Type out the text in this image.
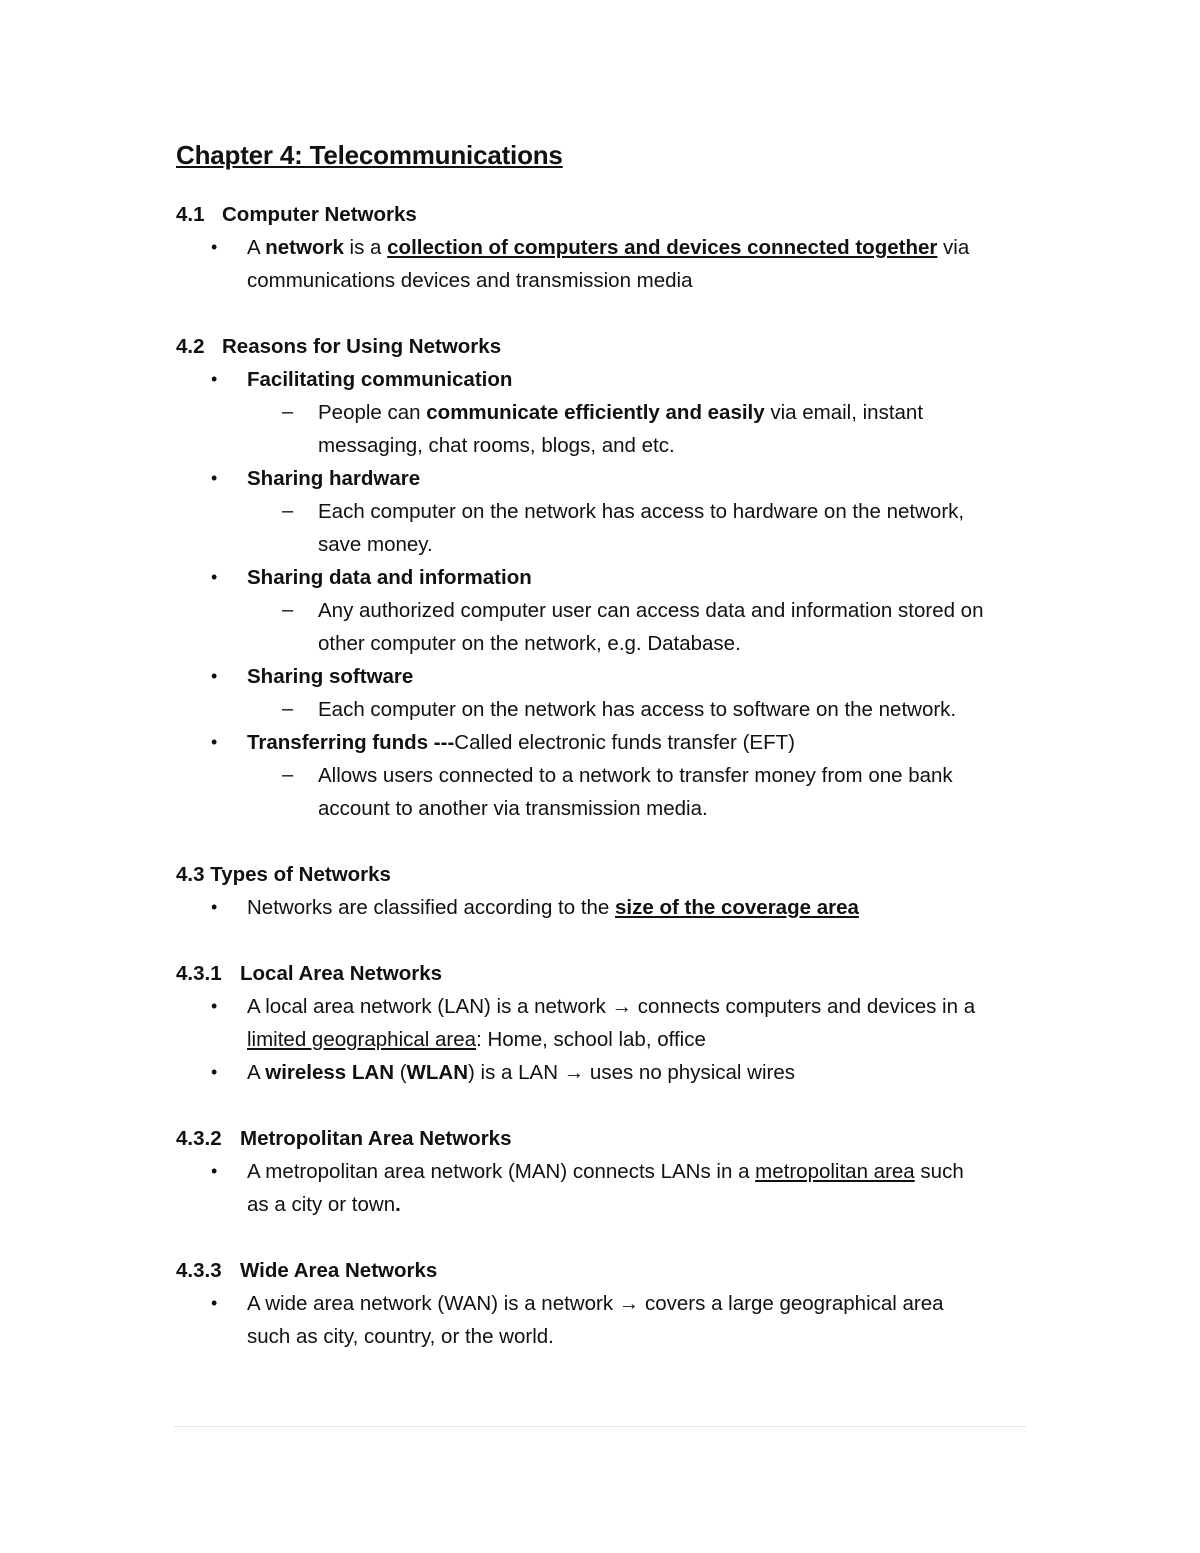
Chapter 4: Telecommunications
4.1 Computer Networks
• A network is a collection of computers and devices connected together via
communications devices and transmission media
4.2 Reasons for Using Networks
• Facilitating communication
– People can communicate efficiently and easily via email, instant
messaging, chat rooms, blogs, and etc.
• Sharing hardware
– Each computer on the network has access to hardware on the network,
save money.
• Sharing data and information
– Any authorized computer user can access data and information stored on
other computer on the network, e.g. Database.
• Sharing software
– Each computer on the network has access to software on the network.
• Transferring funds ---Called electronic funds transfer (EFT)
– Allows users connected to a network to transfer money from one bank
account to another via transmission media.
4.3 Types of Networks
• Networks are classified according to the size of the coverage area
4.3.1 Local Area Networks
• A local area network (LAN) is a network → connects computers and devices in a
limited geographical area: Home, school lab, office
• A wireless LAN (WLAN) is a LAN → uses no physical wires
4.3.2 Metropolitan Area Networks
• A metropolitan area network (MAN) connects LANs in a metropolitan area such
as a city or town.
4.3.3 Wide Area Networks
• A wide area network (WAN) is a network → covers a large geographical area
such as city, country, or the world.
